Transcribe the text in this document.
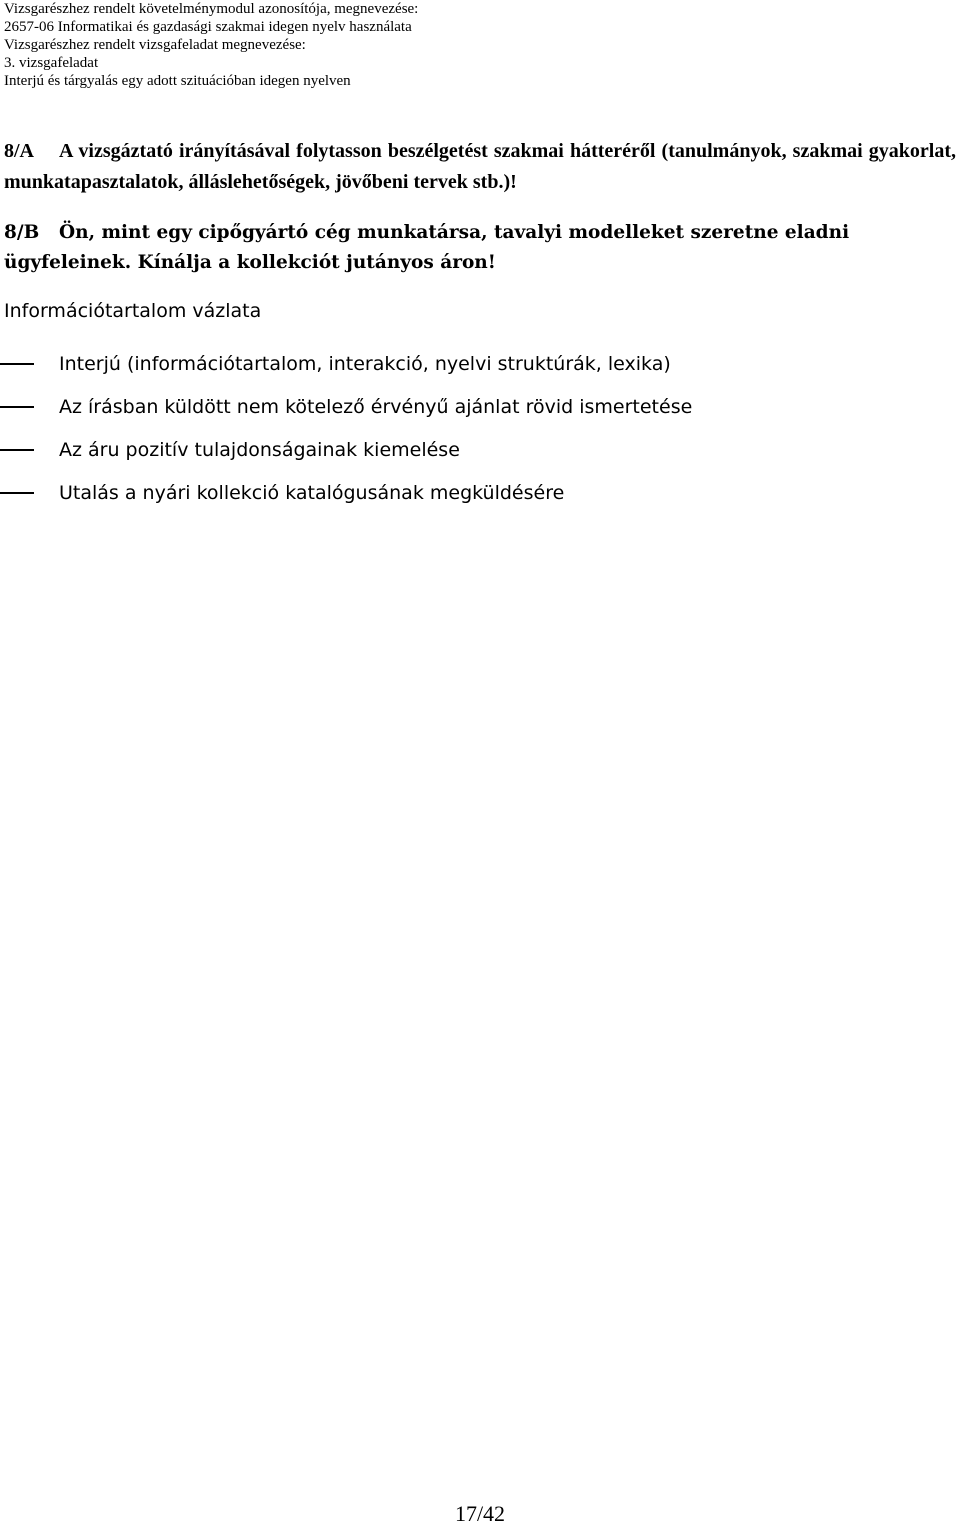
Vizsgarészhez rendelt követelménymodul azonosítója, megnevezése:
2657-06 Informatikai és gazdasági szakmai idegen nyelv használata
Vizsgarészhez rendelt vizsgafeladat megnevezése:
3. vizsgafeladat
Interjú és tárgyalás egy adott szituációban idegen nyelven
8/A A vizsgáztató irányításával folytasson beszélgetést szakmai hátteréről (tanulmányok, szakmai gyakorlat, munkatapasztalatok, álláslehetőségek, jövőbeni tervek stb.)!
8/B Ön, mint egy cipőgyártó cég munkatársa, tavalyi modelleket szeretne eladni ügyfeleinek. Kínálja a kollekciót jutányos áron!
Információtartalom vázlata
Interjú (információtartalom, interakció, nyelvi struktúrák, lexika)
Az írásban küldött nem kötelező érvényű ajánlat rövid ismertetése
Az áru pozitív tulajdonságainak kiemelése
Utalás a nyári kollekció katalógusának megküldésére
17/42
